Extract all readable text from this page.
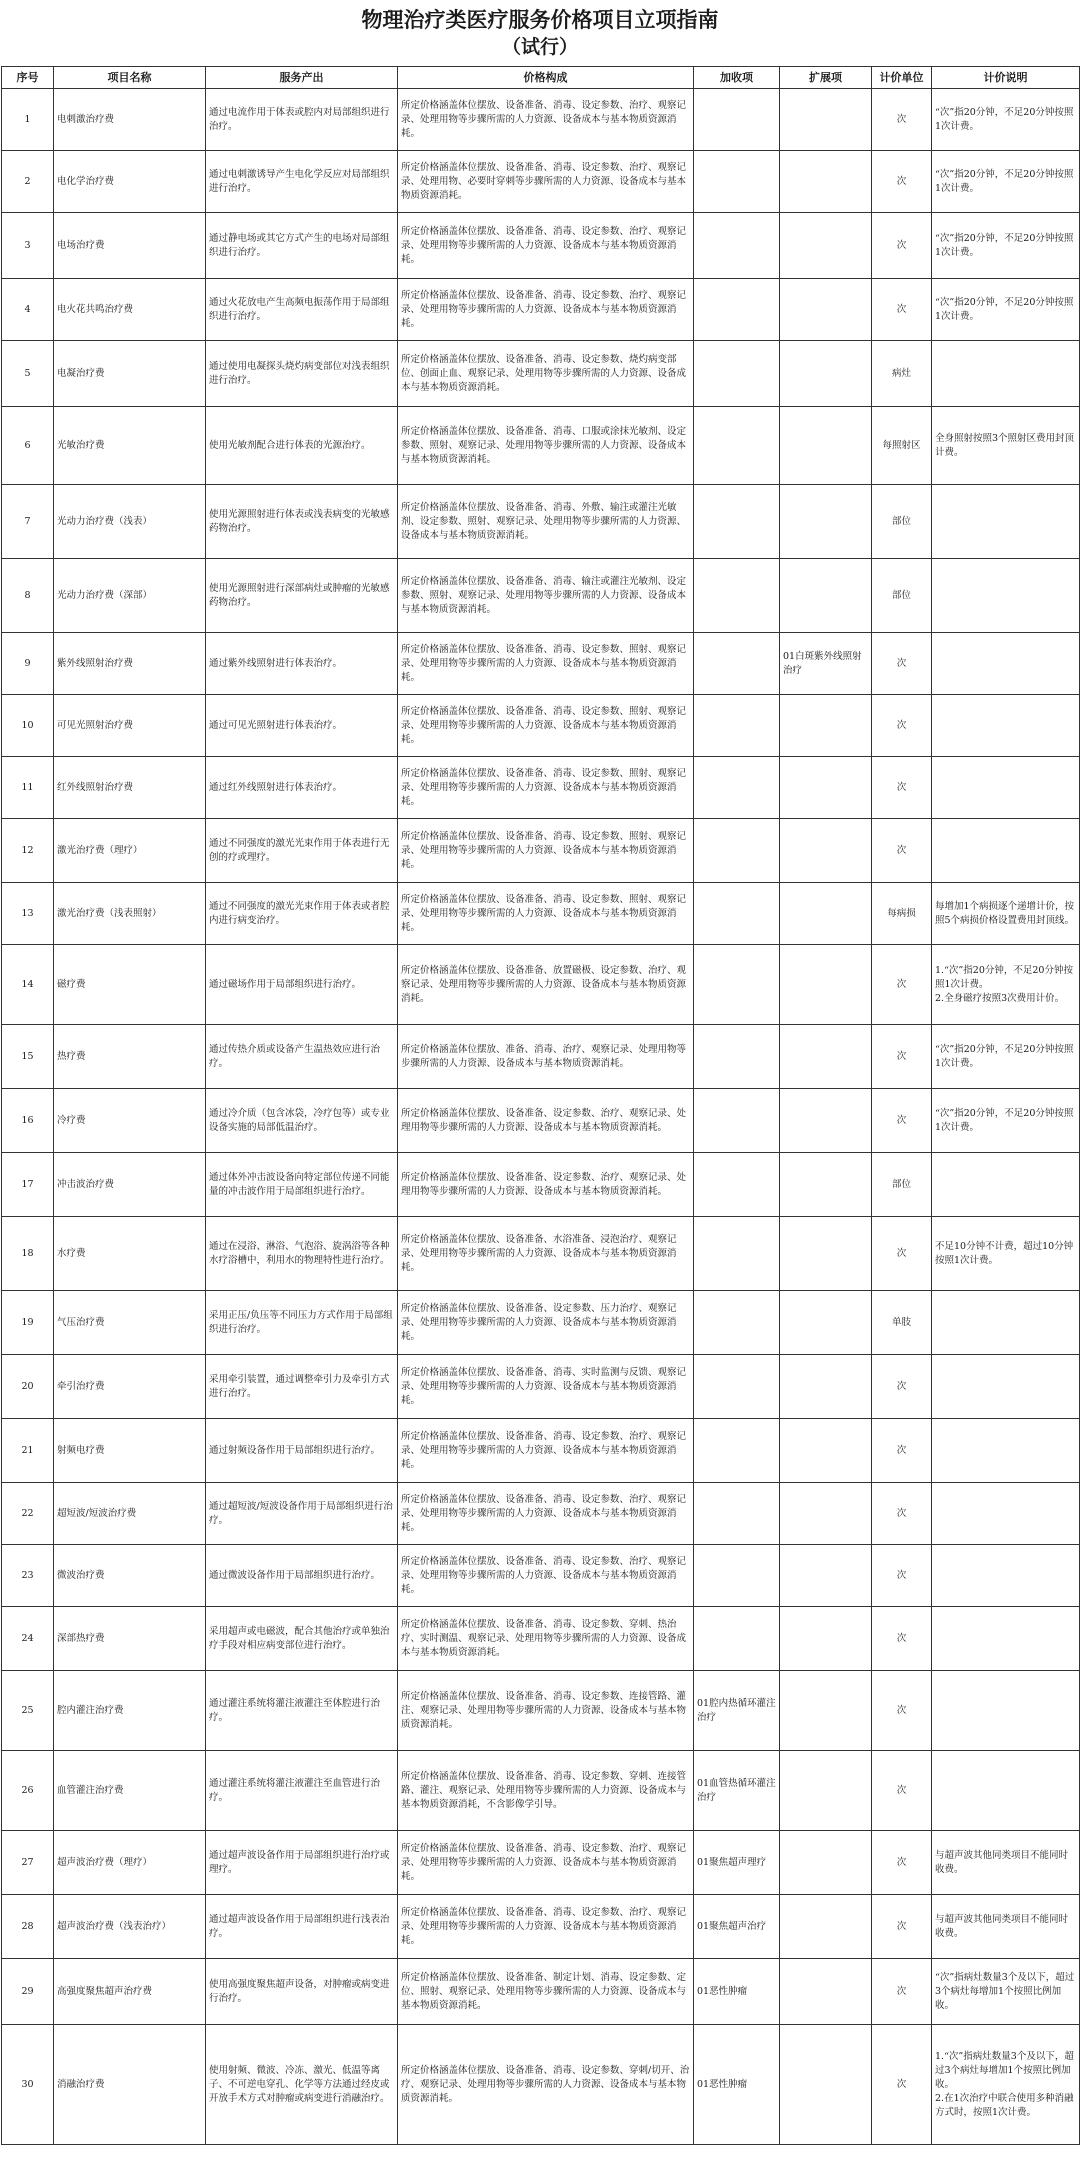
物理治疗类医疗服务价格项目立项指南
（试行）
序号	项目名称	服务产出	价格构成	加收项	扩展项	计价单位	计价说明
1	电刺激治疗费	通过电流作用于体表或腔内对局部组织进行治疗。	所定价格涵盖体位摆放、设备准备、消毒、设定参数、治疗、观察记录、处理用物等步骤所需的人力资源、设备成本与基本物质资源消耗。			次	“次”指20分钟，不足20分钟按照1次计费。
2	电化学治疗费	通过电刺激诱导产生电化学反应对局部组织进行治疗。	所定价格涵盖体位摆放、设备准备、消毒、设定参数、治疗、观察记录、处理用物、必要时穿刺等步骤所需的人力资源、设备成本与基本物质资源消耗。			次	“次”指20分钟，不足20分钟按照1次计费。
3	电场治疗费	通过静电场或其它方式产生的电场对局部组织进行治疗。	所定价格涵盖体位摆放、设备准备、消毒、设定参数、治疗、观察记录、处理用物等步骤所需的人力资源、设备成本与基本物质资源消耗。			次	“次”指20分钟，不足20分钟按照1次计费。
4	电火花共鸣治疗费	通过火花放电产生高频电振荡作用于局部组织进行治疗。	所定价格涵盖体位摆放、设备准备、消毒、设定参数、治疗、观察记录、处理用物等步骤所需的人力资源、设备成本与基本物质资源消耗。			次	“次”指20分钟，不足20分钟按照1次计费。
5	电凝治疗费	通过使用电凝探头烧灼病变部位对浅表组织进行治疗。	所定价格涵盖体位摆放、设备准备、消毒、设定参数、烧灼病变部位、创面止血、观察记录、处理用物等步骤所需的人力资源、设备成本与基本物质资源消耗。			病灶	
6	光敏治疗费	使用光敏剂配合进行体表的光源治疗。	所定价格涵盖体位摆放、设备准备、消毒、口服或涂抹光敏剂、设定参数、照射、观察记录、处理用物等步骤所需的人力资源、设备成本与基本物质资源消耗。			每照射区	全身照射按照3个照射区费用封顶计费。
7	光动力治疗费（浅表）	使用光源照射进行体表或浅表病变的光敏感药物治疗。	所定价格涵盖体位摆放、设备准备、消毒、外敷、输注或灌注光敏剂、设定参数、照射、观察记录、处理用物等步骤所需的人力资源、设备成本与基本物质资源消耗。			部位	
8	光动力治疗费（深部）	使用光源照射进行深部病灶或肿瘤的光敏感药物治疗。	所定价格涵盖体位摆放、设备准备、消毒、输注或灌注光敏剂、设定参数、照射、观察记录、处理用物等步骤所需的人力资源、设备成本与基本物质资源消耗。			部位	
9	紫外线照射治疗费	通过紫外线照射进行体表治疗。	所定价格涵盖体位摆放、设备准备、消毒、设定参数、照射、观察记录、处理用物等步骤所需的人力资源、设备成本与基本物质资源消耗。		01白斑紫外线照射治疗	次	
10	可见光照射治疗费	通过可见光照射进行体表治疗。	所定价格涵盖体位摆放、设备准备、消毒、设定参数、照射、观察记录、处理用物等步骤所需的人力资源、设备成本与基本物质资源消耗。			次	
11	红外线照射治疗费	通过红外线照射进行体表治疗。	所定价格涵盖体位摆放、设备准备、消毒、设定参数、照射、观察记录、处理用物等步骤所需的人力资源、设备成本与基本物质资源消耗。			次	
12	激光治疗费（理疗）	通过不同强度的激光光束作用于体表进行无创的疗或理疗。	所定价格涵盖体位摆放、设备准备、消毒、设定参数、照射、观察记录、处理用物等步骤所需的人力资源、设备成本与基本物质资源消耗。			次	
13	激光治疗费（浅表照射）	通过不同强度的激光光束作用于体表或者腔内进行病变治疗。	所定价格涵盖体位摆放、设备准备、消毒、设定参数、照射、观察记录、处理用物等步骤所需的人力资源、设备成本与基本物质资源消耗。			每病损	每增加1个病损逐个递增计价，按照5个病损价格设置费用封顶线。
14	磁疗费	通过磁场作用于局部组织进行治疗。	所定价格涵盖体位摆放、设备准备、放置磁极、设定参数、治疗、观察记录、处理用物等步骤所需的人力资源、设备成本与基本物质资源消耗。			次	1.“次”指20分钟，不足20分钟按照1次计费。
2.全身磁疗按照3次费用计价。
15	热疗费	通过传热介质或设备产生温热效应进行治疗。	所定价格涵盖体位摆放、准备、消毒、治疗、观察记录、处理用物等步骤所需的人力资源、设备成本与基本物质资源消耗。			次	“次”指20分钟，不足20分钟按照1次计费。
16	冷疗费	通过冷介质（包含冰袋，冷疗包等）或专业设备实施的局部低温治疗。	所定价格涵盖体位摆放、设备准备、设定参数、治疗、观察记录、处理用物等步骤所需的人力资源、设备成本与基本物质资源消耗。			次	“次”指20分钟，不足20分钟按照1次计费。
17	冲击波治疗费	通过体外冲击波设备向特定部位传递不同能量的冲击波作用于局部组织进行治疗。	所定价格涵盖体位摆放、设备准备、设定参数、治疗、观察记录、处理用物等步骤所需的人力资源、设备成本与基本物质资源消耗。			部位	
18	水疗费	通过在浸浴、淋浴、气泡浴、旋涡浴等各种水疗浴槽中，利用水的物理特性进行治疗。	所定价格涵盖体位摆放、设备准备、水浴准备、浸泡治疗、观察记录、处理用物等步骤所需的人力资源、设备成本与基本物质资源消耗。			次	不足10分钟不计费，超过10分钟按照1次计费。
19	气压治疗费	采用正压/负压等不同压力方式作用于局部组织进行治疗。	所定价格涵盖体位摆放、设备准备、设定参数、压力治疗、观察记录、处理用物等步骤所需的人力资源、设备成本与基本物质资源消耗。			单肢	
20	牵引治疗费	采用牵引装置，通过调整牵引力及牵引方式进行治疗。	所定价格涵盖体位摆放、设备准备、消毒、实时监测与反馈、观察记录、处理用物等步骤所需的人力资源、设备成本与基本物质资源消耗。			次	
21	射频电疗费	通过射频设备作用于局部组织进行治疗。	所定价格涵盖体位摆放、设备准备、消毒、设定参数、治疗、观察记录、处理用物等步骤所需的人力资源、设备成本与基本物质资源消耗。			次	
22	超短波/短波治疗费	通过超短波/短波设备作用于局部组织进行治疗。	所定价格涵盖体位摆放、设备准备、消毒、设定参数、治疗、观察记录、处理用物等步骤所需的人力资源、设备成本与基本物质资源消耗。			次	
23	微波治疗费	通过微波设备作用于局部组织进行治疗。	所定价格涵盖体位摆放、设备准备、消毒、设定参数、治疗、观察记录、处理用物等步骤所需的人力资源、设备成本与基本物质资源消耗。			次	
24	深部热疗费	采用超声或电磁波，配合其他治疗或单独治疗手段对相应病变部位进行治疗。	所定价格涵盖体位摆放、设备准备、消毒、设定参数、穿刺、热治疗、实时测温、观察记录、处理用物等步骤所需的人力资源、设备成本与基本物质资源消耗。			次	
25	腔内灌注治疗费	通过灌注系统将灌注液灌注至体腔进行治疗。	所定价格涵盖体位摆放、设备准备、消毒、设定参数、连接管路、灌注、观察记录、处理用物等步骤所需的人力资源、设备成本与基本物质资源消耗。	01腔内热循环灌注治疗		次	
26	血管灌注治疗费	通过灌注系统将灌注液灌注至血管进行治疗。	所定价格涵盖体位摆放、设备准备、消毒、设定参数、穿刺、连接管路、灌注、观察记录、处理用物等步骤所需的人力资源、设备成本与基本物质资源消耗，不含影像学引导。	01血管热循环灌注治疗		次	
27	超声波治疗费（理疗）	通过超声波设备作用于局部组织进行治疗或理疗。	所定价格涵盖体位摆放、设备准备、消毒、设定参数、治疗、观察记录、处理用物等步骤所需的人力资源、设备成本与基本物质资源消耗。	01聚焦超声理疗		次	与超声波其他同类项目不能同时收费。
28	超声波治疗费（浅表治疗）	通过超声波设备作用于局部组织进行浅表治疗。	所定价格涵盖体位摆放、设备准备、消毒、设定参数、治疗、观察记录、处理用物等步骤所需的人力资源、设备成本与基本物质资源消耗。	01聚焦超声治疗		次	与超声波其他同类项目不能同时收费。
29	高强度聚焦超声治疗费	使用高强度聚焦超声设备，对肿瘤或病变进行治疗。	所定价格涵盖体位摆放、设备准备、制定计划、消毒、设定参数、定位、照射、观察记录、处理用物等步骤所需的人力资源、设备成本与基本物质资源消耗。	01恶性肿瘤		次	“次”指病灶数量3个及以下，超过3个病灶每增加1个按照比例加收。
30	消融治疗费	使用射频、微波、冷冻、激光、低温等离子、不可逆电穿孔、化学等方法通过经皮或开放手术方式对肿瘤或病变进行消融治疗。	所定价格涵盖体位摆放、设备准备、消毒、设定参数、穿刺/切开、治疗、观察记录、处理用物等步骤所需的人力资源、设备成本与基本物质资源消耗。	01恶性肿瘤		次	1.“次”指病灶数量3个及以下，超过3个病灶每增加1个按照比例加收。
2.在1次治疗中联合使用多种消融方式时，按照1次计费。
